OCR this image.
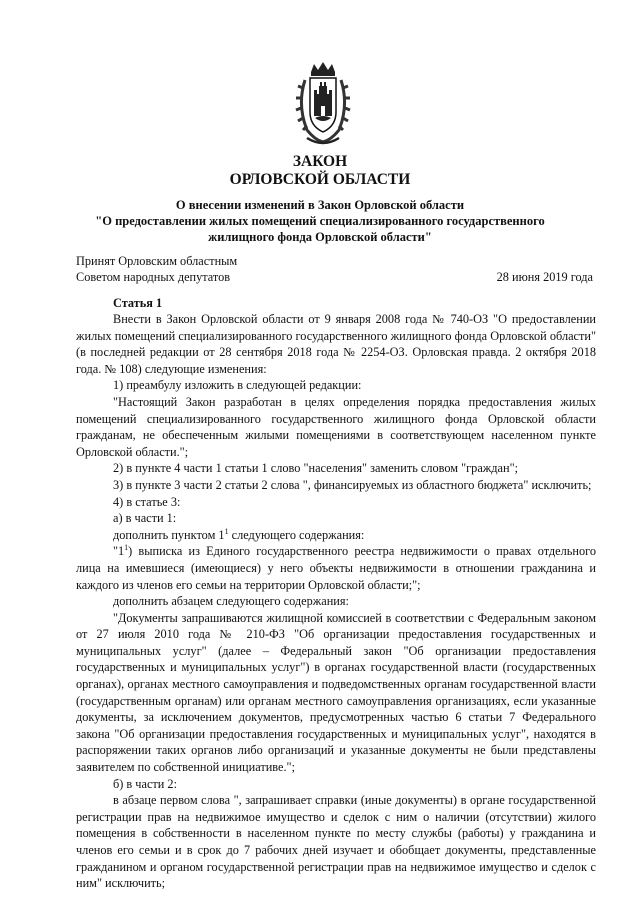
ЗАКОН
ОРЛОВСКОЙ ОБЛАСТИ
О внесении изменений в Закон Орловской области
"О предоставлении жилых помещений специализированного государственного
жилищного фонда Орловской области"
Принят Орловским областным
Советом народных депутатов	28 июня 2019 года
Статья 1

Внести в Закон Орловской области от 9 января 2008 года № 740-ОЗ "О предоставлении жилых помещений специализированного государственного жилищного фонда Орловской области" (в последней редакции от 28 сентября 2018 года № 2254-ОЗ. Орловская правда. 2 октября 2018 года. № 108) следующие изменения:

1) преамбулу изложить в следующей редакции:

"Настоящий Закон разработан в целях определения порядка предоставления жилых помещений специализированного государственного жилищного фонда Орловской области гражданам, не обеспеченным жилыми помещениями в соответствующем населенном пункте Орловской области.";

2) в пункте 4 части 1 статьи 1 слово "населения" заменить словом "граждан";

3) в пункте 3 части 2 статьи 2 слова ", финансируемых из областного бюджета" исключить;

4) в статье 3:

а) в части 1:

дополнить пунктом $1^1$ следующего содержания:

"$1^1$) выписка из Единого государственного реестра недвижимости о правах отдельного лица на имевшиеся (имеющиеся) у него объекты недвижимости в отношении гражданина и каждого из членов его семьи на территории Орловской области;";

дополнить абзацем следующего содержания:

"Документы запрашиваются жилищной комиссией в соответствии с Федеральным законом от 27 июля 2010 года № 210-ФЗ "Об организации предоставления государственных и муниципальных услуг" (далее – Федеральный закон "Об организации предоставления государственных и муниципальных услуг") в органах государственной власти (государственных органах), органах местного самоуправления и подведомственных органам государственной власти (государственным органам) или органам местного самоуправления организациях, если указанные документы, за исключением документов, предусмотренных частью 6 статьи 7 Федерального закона "Об организации предоставления государственных и муниципальных услуг", находятся в распоряжении таких органов либо организаций и указанные документы не были представлены заявителем по собственной инициативе.";

б) в части 2:

в абзаце первом слова ", запрашивает справки (иные документы) в органе государственной регистрации прав на недвижимое имущество и сделок с ним о наличии (отсутствии) жилого помещения в собственности в населенном пункте по месту службы (работы) у гражданина и членов его семьи и в срок до 7 рабочих дней изучает и обобщает документы, представленные гражданином и органом государственной регистрации прав на недвижимое имущество и сделок с ним" исключить;
